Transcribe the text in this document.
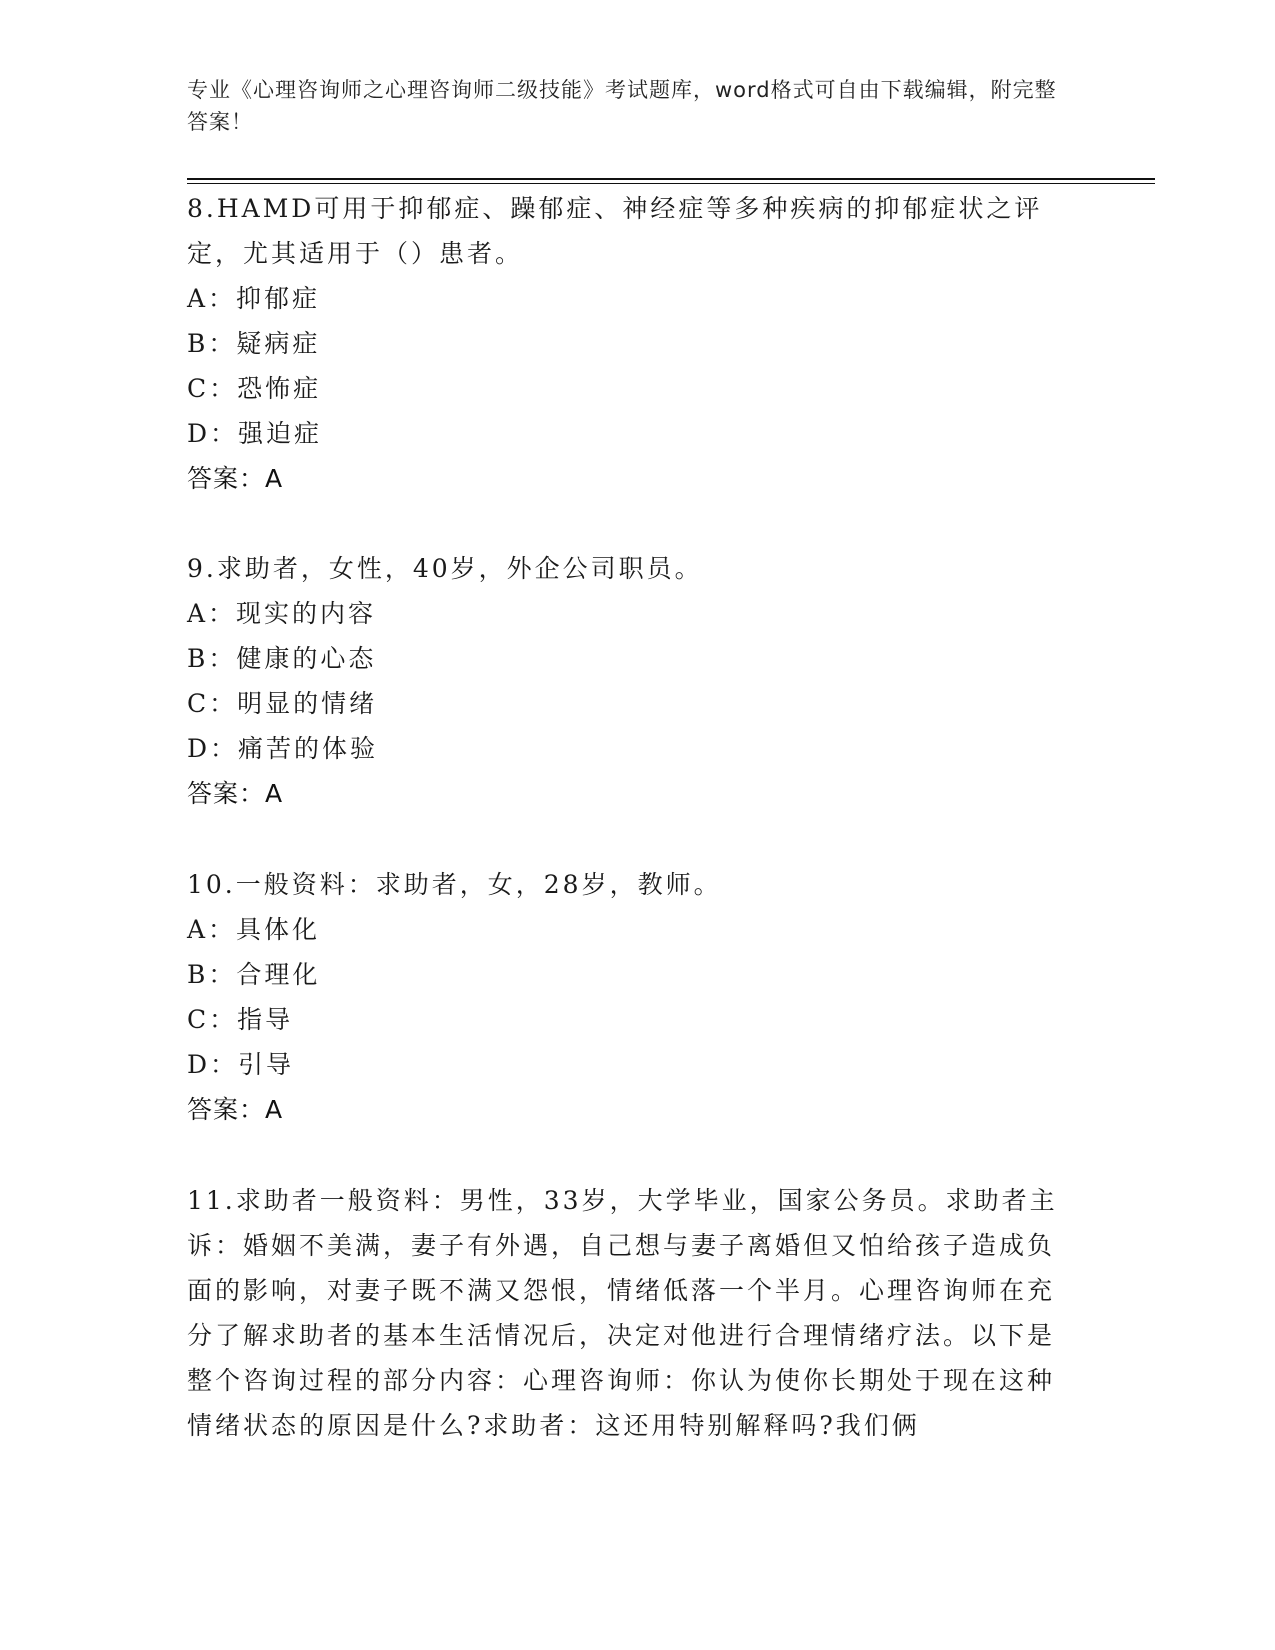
专业《心理咨询师之心理咨询师二级技能》考试题库，word格式可自由下载编辑，附完整答案！

8.HAMD可用于抑郁症、躁郁症、神经症等多种疾病的抑郁症状之评定，尤其适用于（）患者。

A：抑郁症

B：疑病症

C：恐怖症

D：强迫症

答案：A

9.求助者，女性，40岁，外企公司职员。

A：现实的内容

B：健康的心态

C：明显的情绪

D：痛苦的体验

答案：A

10.一般资料：求助者，女，28岁，教师。

A：具体化

B：合理化

C：指导

D：引导

答案：A

11.求助者一般资料：男性，33岁，大学毕业，国家公务员。求助者主诉：婚姻不美满，妻子有外遇，自己想与妻子离婚但又怕给孩子造成负面的影响，对妻子既不满又怨恨，情绪低落一个半月。心理咨询师在充分了解求助者的基本生活情况后，决定对他进行合理情绪疗法。以下是整个咨询过程的部分内容：心理咨询师：你认为使你长期处于现在这种情绪状态的原因是什么?求助者：这还用特别解释吗?我们俩
